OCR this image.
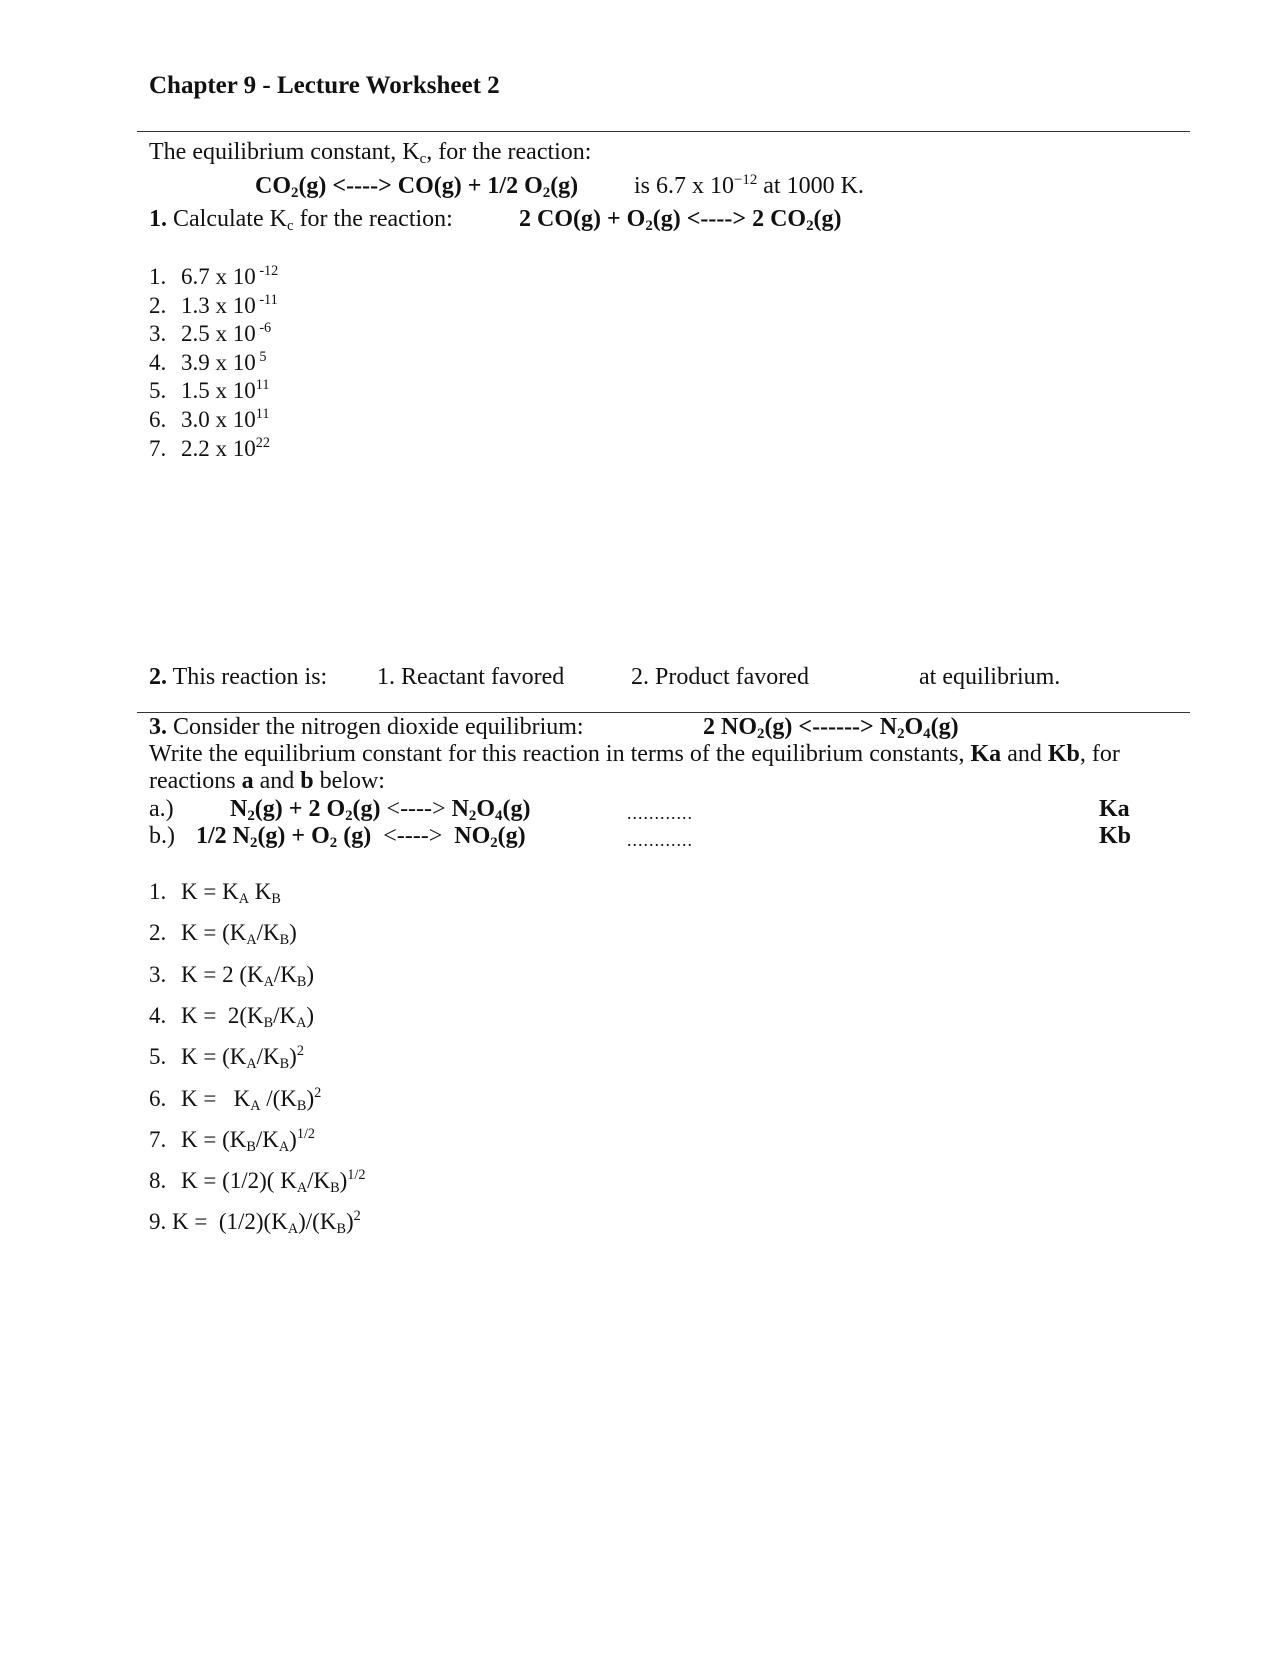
Chapter 9 - Lecture Worksheet 2
The equilibrium constant, $K_c$, for the reaction:
$CO_2(g)$ <----> CO(g) + 1/2 $O_2(g)$ is 6.7 x $10^{-12}$ at 1000 K.
1. Calculate $K_c$ for the reaction:	2 $CO(g) + O_2(g)$ <----> 2 $CO_2(g)$
1. 6.7 x 10 $^{-12}$
2. 1.3 x 10 $^{-11}$
3. 2.5 x 10 $^{-6}$
4. 3.9 x 10 $^5$
5. 1.5 x $10^{11}$
6. 3.0 x $10^{11}$
7. 2.2 x $10^{22}$
2. This reaction is: 1. Reactant favored	2. Product favored	at equilibrium.
3. Consider the nitrogen dioxide equilibrium:	2 $NO_2(g)$ <------> $N_2O_4(g)$
Write the equilibrium constant for this reaction in terms of the equilibrium constants, Ka and Kb, for
reactions a and b below:
a.) $N_2(g) + 2$ $O_2(g)$ <----> $N_2O_4(g)$	............	Ka
b.) 1/2 $N_2(g) + O_2$ (g)  <---->  $NO_2(g)$	............	Kb
1. $K = K_A$ $K_B$
2. $K = (K_A/K_B)$
3. K = 2 $(K_A/K_B)$
4. $K = 2(K_B/K_A)$
5. $K = (K_A/K_B)^2$
6. $K = K_A$ $/(K_B)^2$
7. $K = (K_B/K_A)^{1/2}$
8. K = (1/2)( $K_A/K_B)^{1/2}$
9. $K = (1/2)(K_A)/(K_B)^2$
